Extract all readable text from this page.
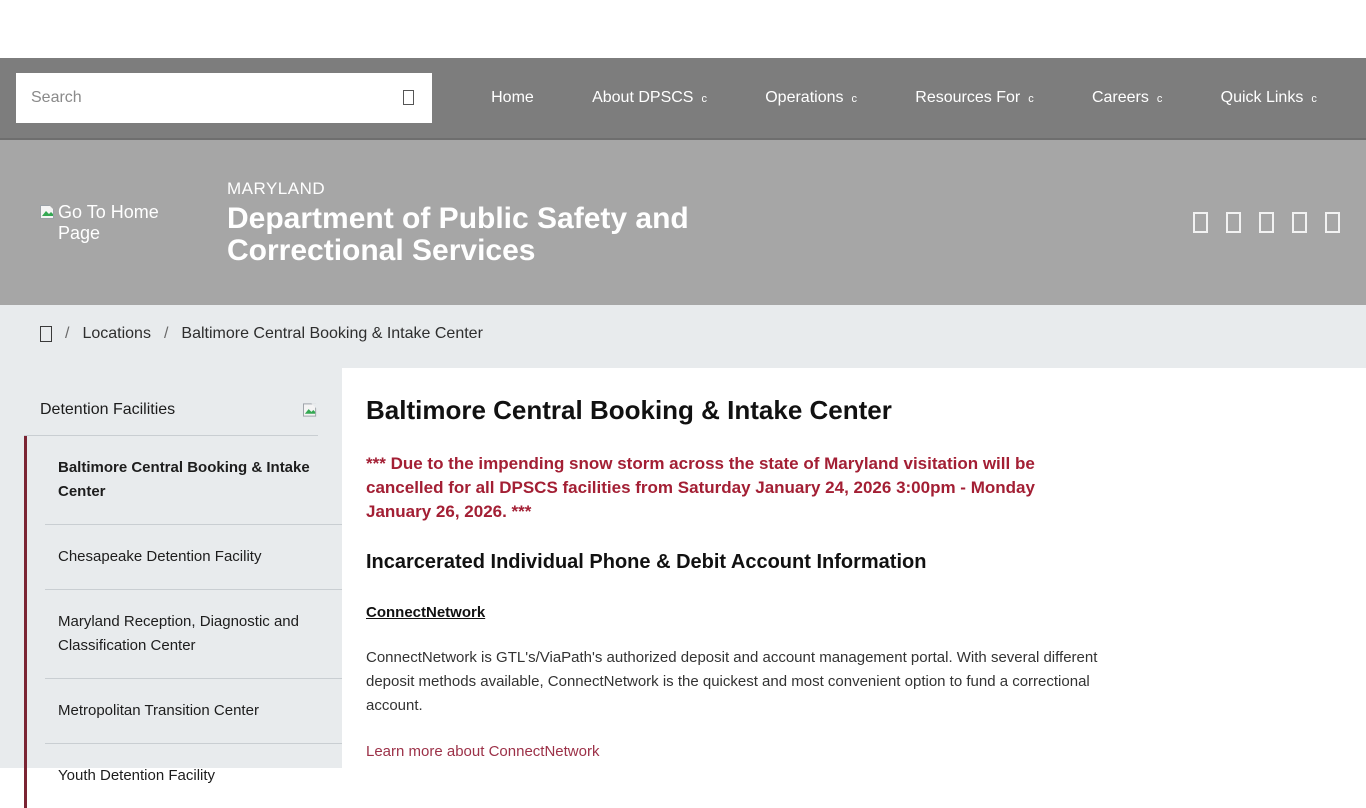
Search
Home	About DPSCS c	Operations c	Resources For c	Careers c	Quick Links c
Go To Home Page
MARYLAND
Department of Public Safety and Correctional Services
/ Locations / Baltimore Central Booking & Intake Center
Detention Facilities
Baltimore Central Booking & Intake Center
Chesapeake Detention Facility
Maryland Reception, Diagnostic and Classification Center
Metropolitan Transition Center
Youth Detention Facility
Baltimore Central Booking & Intake Center
*** Due to the impending snow storm across the state of Maryland visitation will be cancelled for all DPSCS facilities from Saturday January 24, 2026 3:00pm - Monday January 26, 2026. ***
Incarcerated Individual Phone & Debit Account Information
ConnectNetwork

ConnectNetwork is GTL's/ViaPath's authorized deposit and account management portal. With several different deposit methods available, ConnectNetwork is the quickest and most convenient option to fund a correctional account.

Learn more about ConnectNetwork
